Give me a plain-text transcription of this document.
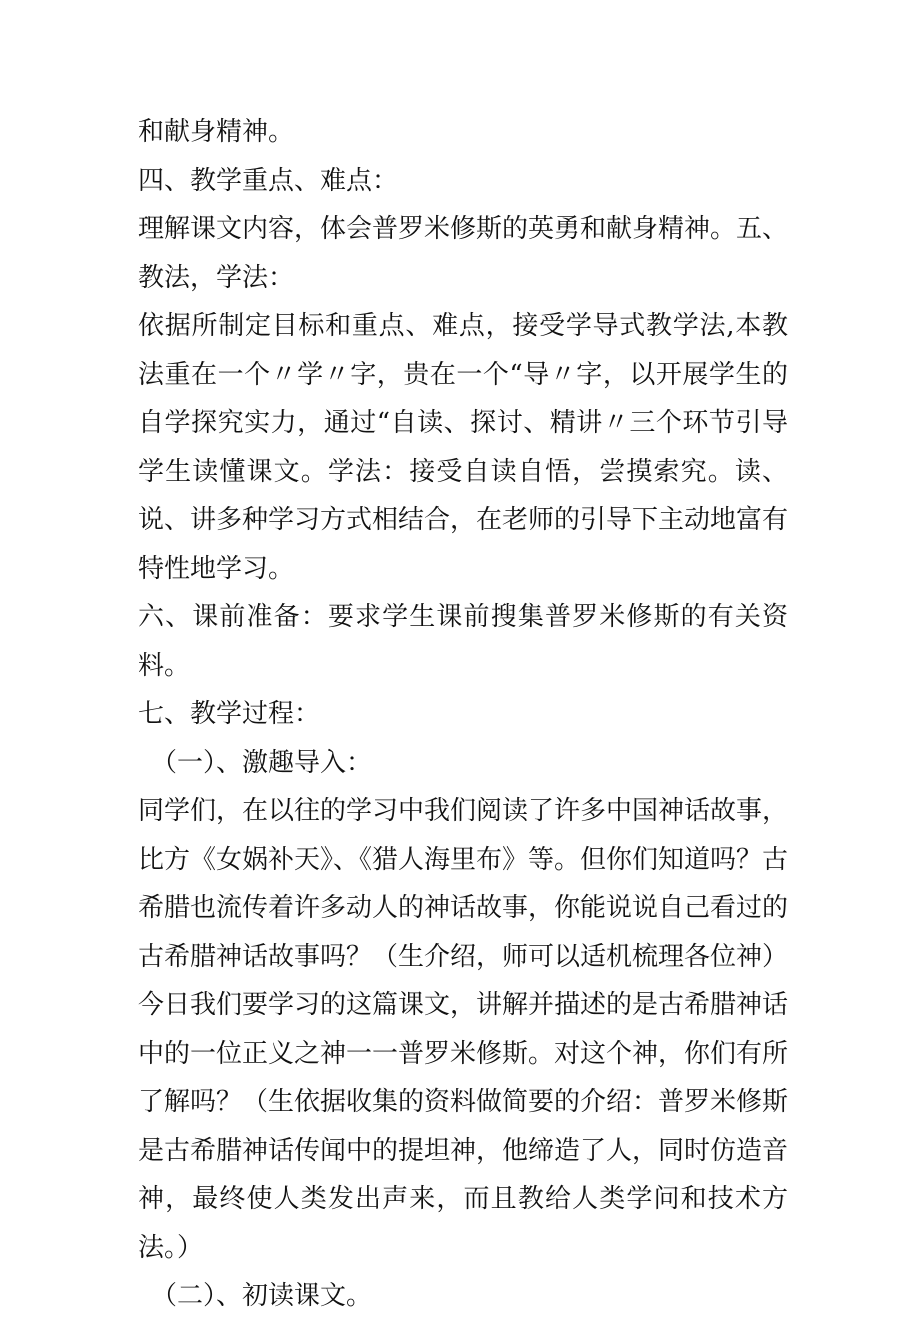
和献身精神。

四、教学重点、难点：

理解课文内容，体会普罗米修斯的英勇和献身精神。五、教法，学法：

依据所制定目标和重点、难点，接受学导式教学法,本教法重在一个〃学〃字，贵在一个“导〃字，以开展学生的自学探究实力，通过“自读、探讨、精讲〃三个环节引导学生读懂课文。学法：接受自读自悟，尝摸索究。读、说、讲多种学习方式相结合，在老师的引导下主动地富有特性地学习。

六、课前准备：要求学生课前搜集普罗米修斯的有关资料。

七、教学过程：

（一）、激趣导入：

同学们，在以往的学习中我们阅读了许多中国神话故事，比方《女娲补天》、《猎人海里布》等。但你们知道吗？古希腊也流传着许多动人的神话故事，你能说说自己看过的古希腊神话故事吗？（生介绍，师可以适机梳理各位神）今日我们要学习的这篇课文，讲解并描述的是古希腊神话中的一位正义之神一一普罗米修斯。对这个神，你们有所了解吗？（生依据收集的资料做简要的介绍：普罗米修斯是古希腊神话传闻中的提坦神，他缔造了人，同时仿造音神，最终使人类发出声来，而且教给人类学问和技术方法。）

（二）、初读课文。
